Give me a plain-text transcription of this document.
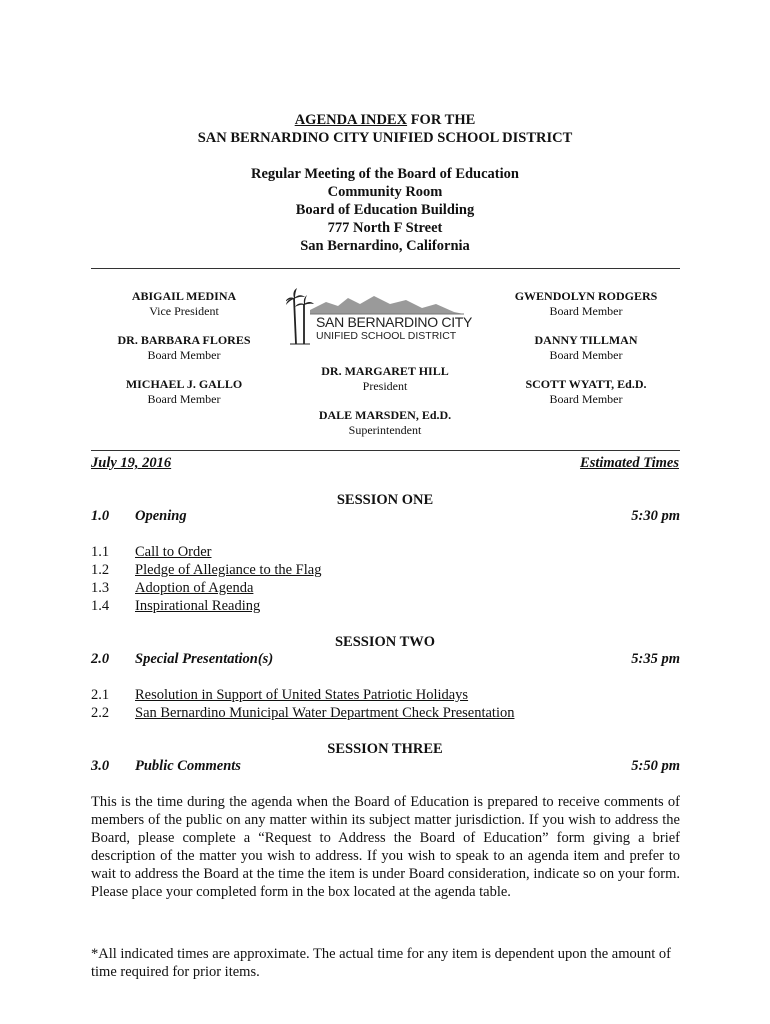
AGENDA INDEX FOR THE
SAN BERNARDINO CITY UNIFIED SCHOOL DISTRICT
Regular Meeting of the Board of Education
Community Room
Board of Education Building
777 North F Street
San Bernardino, California
ABIGAIL MEDINA
Vice President
DR. BARBARA FLORES
Board Member
MICHAEL J. GALLO
Board Member
SAN BERNARDINO CITY
UNIFIED SCHOOL DISTRICT
DR. MARGARET HILL
President
DALE MARSDEN, Ed.D.
Superintendent
GWENDOLYN RODGERS
Board Member
DANNY TILLMAN
Board Member
SCOTT WYATT, Ed.D.
Board Member
July 19, 2016	Estimated Times
SESSION ONE
1.0 Opening	5:30 pm
1.1 Call to Order
1.2 Pledge of Allegiance to the Flag
1.3 Adoption of Agenda
1.4 Inspirational Reading
SESSION TWO
2.0 Special Presentation(s)	5:35 pm
2.1 Resolution in Support of United States Patriotic Holidays
2.2 San Bernardino Municipal Water Department Check Presentation
SESSION THREE
3.0 Public Comments	5:50 pm
This is the time during the agenda when the Board of Education is prepared to receive comments of members of the public on any matter within its subject matter jurisdiction. If you wish to address the Board, please complete a “Request to Address the Board of Education” form giving a brief description of the matter you wish to address. If you wish to speak to an agenda item and prefer to wait to address the Board at the time the item is under Board consideration, indicate so on your form. Please place your completed form in the box located at the agenda table.
*All indicated times are approximate. The actual time for any item is dependent upon the amount of time required for prior items.
